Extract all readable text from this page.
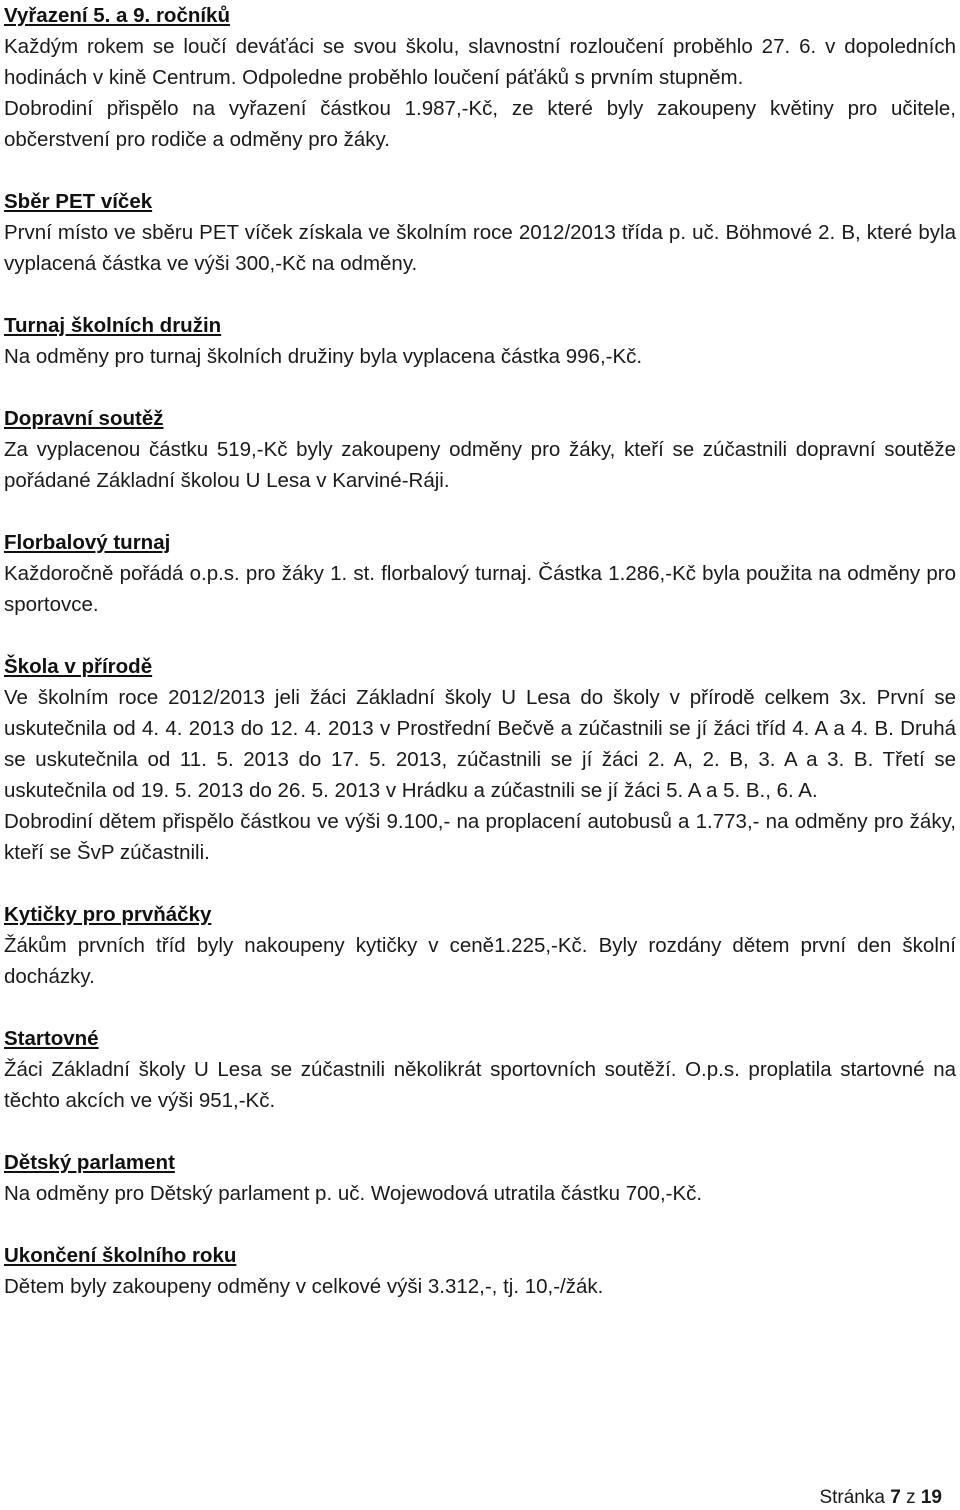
Vyřazení 5. a 9. ročníků

Každým rokem se loučí deváťáci se svou školu, slavnostní rozloučení proběhlo 27. 6. v dopoledních hodinách v kině Centrum. Odpoledne proběhlo loučení páťáků s prvním stupněm.

Dobrodiní přispělo na vyřazení částkou 1.987,-Kč, ze které byly zakoupeny květiny pro učitele, občerstvení pro rodiče a odměny pro žáky.

Sběr PET víček

První místo ve sběru PET víček získala ve školním roce 2012/2013 třída p. uč. Böhmové 2. B, které byla vyplacená částka ve výši 300,-Kč na odměny.

Turnaj školních družin

Na odměny pro turnaj školních družiny byla vyplacena částka 996,-Kč.

Dopravní soutěž

Za vyplacenou částku 519,-Kč byly zakoupeny odměny pro žáky, kteří se zúčastnili dopravní soutěže pořádané Základní školou U Lesa v Karviné-Ráji.

Florbalový turnaj

Každoročně pořádá o.p.s. pro žáky 1. st. florbalový turnaj. Částka 1.286,-Kč byla použita na odměny pro sportovce.

Škola v přírodě

Ve školním roce 2012/2013 jeli žáci Základní školy U Lesa do školy v přírodě celkem 3x. První se uskutečnila od 4. 4. 2013 do 12. 4. 2013 v Prostřední Bečvě a zúčastnili se jí žáci tříd 4. A a 4. B. Druhá se uskutečnila od 11. 5. 2013 do 17. 5. 2013, zúčastnili se jí žáci 2. A, 2. B, 3. A a 3. B. Třetí se uskutečnila od 19. 5. 2013 do 26. 5. 2013 v Hrádku a zúčastnili se jí žáci 5. A a 5. B., 6. A.

Dobrodiní dětem přispělo částkou ve výši 9.100,- na proplacení autobusů a 1.773,- na odměny pro žáky, kteří se ŠvP zúčastnili.

Kytičky pro prvňáčky

Žákům prvních tříd byly nakoupeny kytičky v ceně1.225,-Kč. Byly rozdány dětem první den školní docházky.

Startovné

Žáci Základní školy U Lesa se zúčastnili několikrát sportovních soutěží. O.p.s. proplatila startovné na těchto akcích ve výši 951,-Kč.

Dětský parlament

Na odměny pro Dětský parlament p. uč. Wojewodová utratila částku 700,-Kč.

Ukončení školního roku

Dětem byly zakoupeny odměny v celkové výši 3.312,-, tj. 10,-/žák.

Stránka 7 z 19
